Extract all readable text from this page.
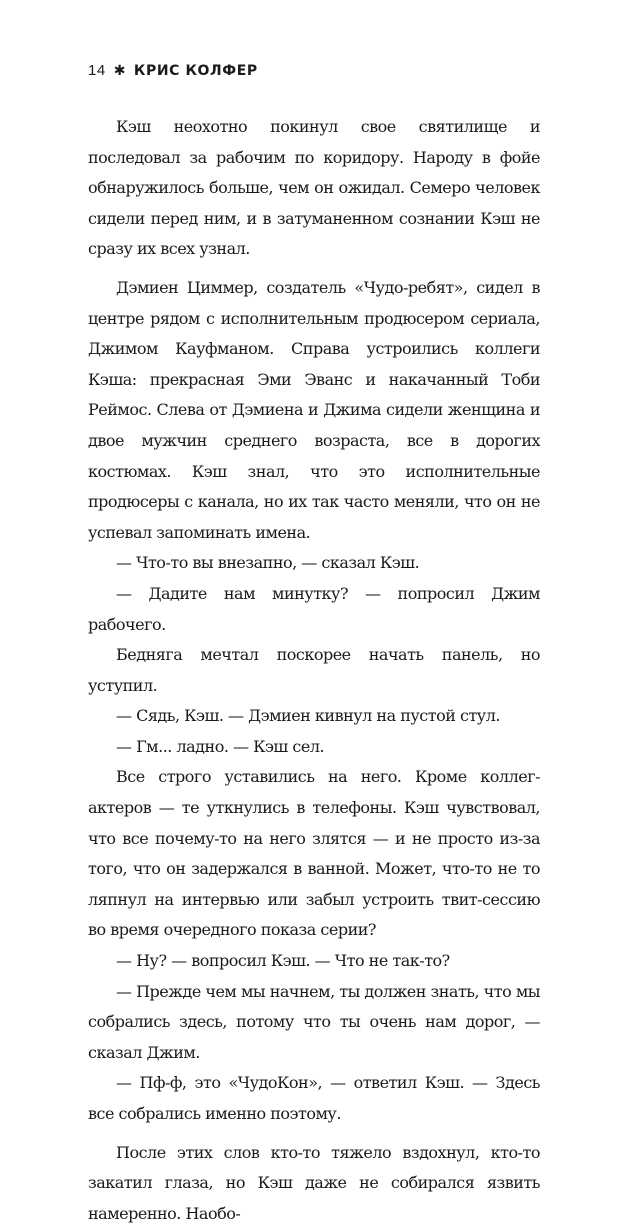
14 ✱ КРИС КОЛФЕР

Кэш неохотно покинул свое святилище и последовал за рабочим по коридору. Народу в фойе обнаружилось больше, чем он ожидал. Семеро человек сидели перед ним, и в затуманенном сознании Кэш не сразу их всех узнал.

Дэмиен Циммер, создатель «Чудо-ребят», сидел в центре рядом с исполнительным продюсером сериала, Джимом Кауфманом. Справа устроились коллеги Кэша: прекрасная Эми Эванс и накачанный Тоби Реймос. Слева от Дэмиена и Джима сидели женщина и двое мужчин среднего возраста, все в дорогих костюмах. Кэш знал, что это исполнительные продюсеры с канала, но их так часто меняли, что он не успевал запоминать имена.

— Что-то вы внезапно, — сказал Кэш.

— Дадите нам минутку? — попросил Джим рабочего.

Бедняга мечтал поскорее начать панель, но уступил.

— Сядь, Кэш. — Дэмиен кивнул на пустой стул.

— Гм... ладно. — Кэш сел.

Все строго уставились на него. Кроме коллег-актеров — те уткнулись в телефоны. Кэш чувствовал, что все почему-то на него злятся — и не просто из-за того, что он задержался в ванной. Может, что-то не то ляпнул на интервью или забыл устроить твит-сессию во время очередного показа серии?

— Ну? — вопросил Кэш. — Что не так-то?

— Прежде чем мы начнем, ты должен знать, что мы собрались здесь, потому что ты очень нам дорог, — сказал Джим.

— Пф-ф, это «ЧудоКон», — ответил Кэш. — Здесь все собрались именно поэтому.

После этих слов кто-то тяжело вздохнул, кто-то закатил глаза, но Кэш даже не собирался язвить намеренно. Наобо-
